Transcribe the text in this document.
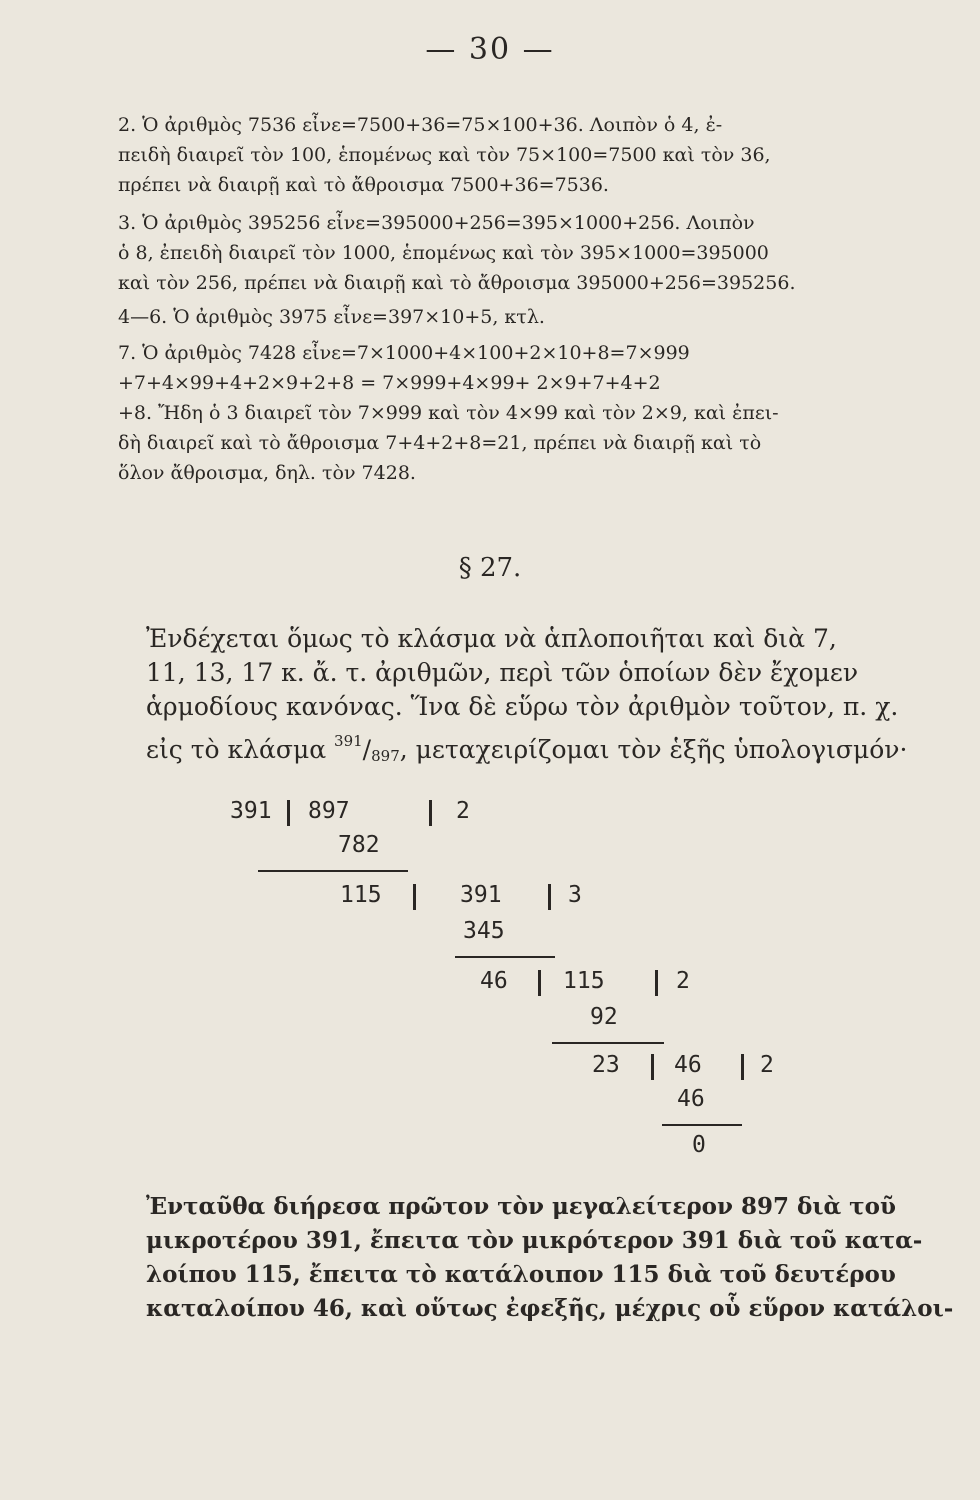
— 30 —
2. Ὁ ἀριθμὸς 7536 εἶνε=7500+36=75×100+36. Λοιπὸν ὁ 4, ἐ-
πειδὴ διαιρεῖ τὸν 100, ἑπομένως καὶ τὸν 75×100=7500 καὶ τὸν 36,
πρέπει νὰ διαιρῇ καὶ τὸ ἄθροισμα 7500+36=7536.
3. Ὁ ἀριθμὸς 395256 εἶνε=395000+256=395×1000+256. Λοιπὸν
ὁ 8, ἐπειδὴ διαιρεῖ τὸν 1000, ἑπομένως καὶ τὸν 395×1000=395000
καὶ τὸν 256, πρέπει νὰ διαιρῇ καὶ τὸ ἄθροισμα 395000+256=395256.
4—6. Ὁ ἀριθμὸς 3975 εἶνε=397×10+5, κτλ.
7. Ὁ ἀριθμὸς 7428 εἶνε=7×1000+4×100+2×10+8=7×999
+7+4×99+4+2×9+2+8 = 7×999+4×99+ 2×9+7+4+2
+8. Ἤδη ὁ 3 διαιρεῖ τὸν 7×999 καὶ τὸν 4×99 καὶ τὸν 2×9, καὶ ἐπει-
δὴ διαιρεῖ καὶ τὸ ἄθροισμα 7+4+2+8=21, πρέπει νὰ διαιρῇ καὶ τὸ
ὅλον ἄθροισμα, δηλ. τὸν 7428.
§ 27.
Ἐνδέχεται ὅμως τὸ κλάσμα νὰ ἁπλοποιῆται καὶ διὰ 7,
11, 13, 17 κ. ἄ. τ. ἀριθμῶν, περὶ τῶν ὁποίων δὲν ἔχομεν
ἁρμοδίους κανόνας. Ἵνα δὲ εὕρω τὸν ἀριθμὸν τοῦτον, π. χ.
εἰς τὸ κλάσμα $^{391}/_{897}$, μεταχειρίζομαι τὸν ἑξῆς ὑπολογισμόν·
391 897	2
782
115	391	3
345
46 115	2
92
23 46	2
46
0
Ἐνταῦθα διήρεσα πρῶτον τὸν μεγαλείτερον 897 διὰ τοῦ
μικροτέρου 391, ἔπειτα τὸν μικρότερον 391 διὰ τοῦ κατα-
λοίπου 115, ἔπειτα τὸ κατάλοιπον 115 διὰ τοῦ δευτέρου
καταλοίπου 46, καὶ οὕτως ἐφεξῆς, μέχρις οὗ εὕρον κατάλοι-
